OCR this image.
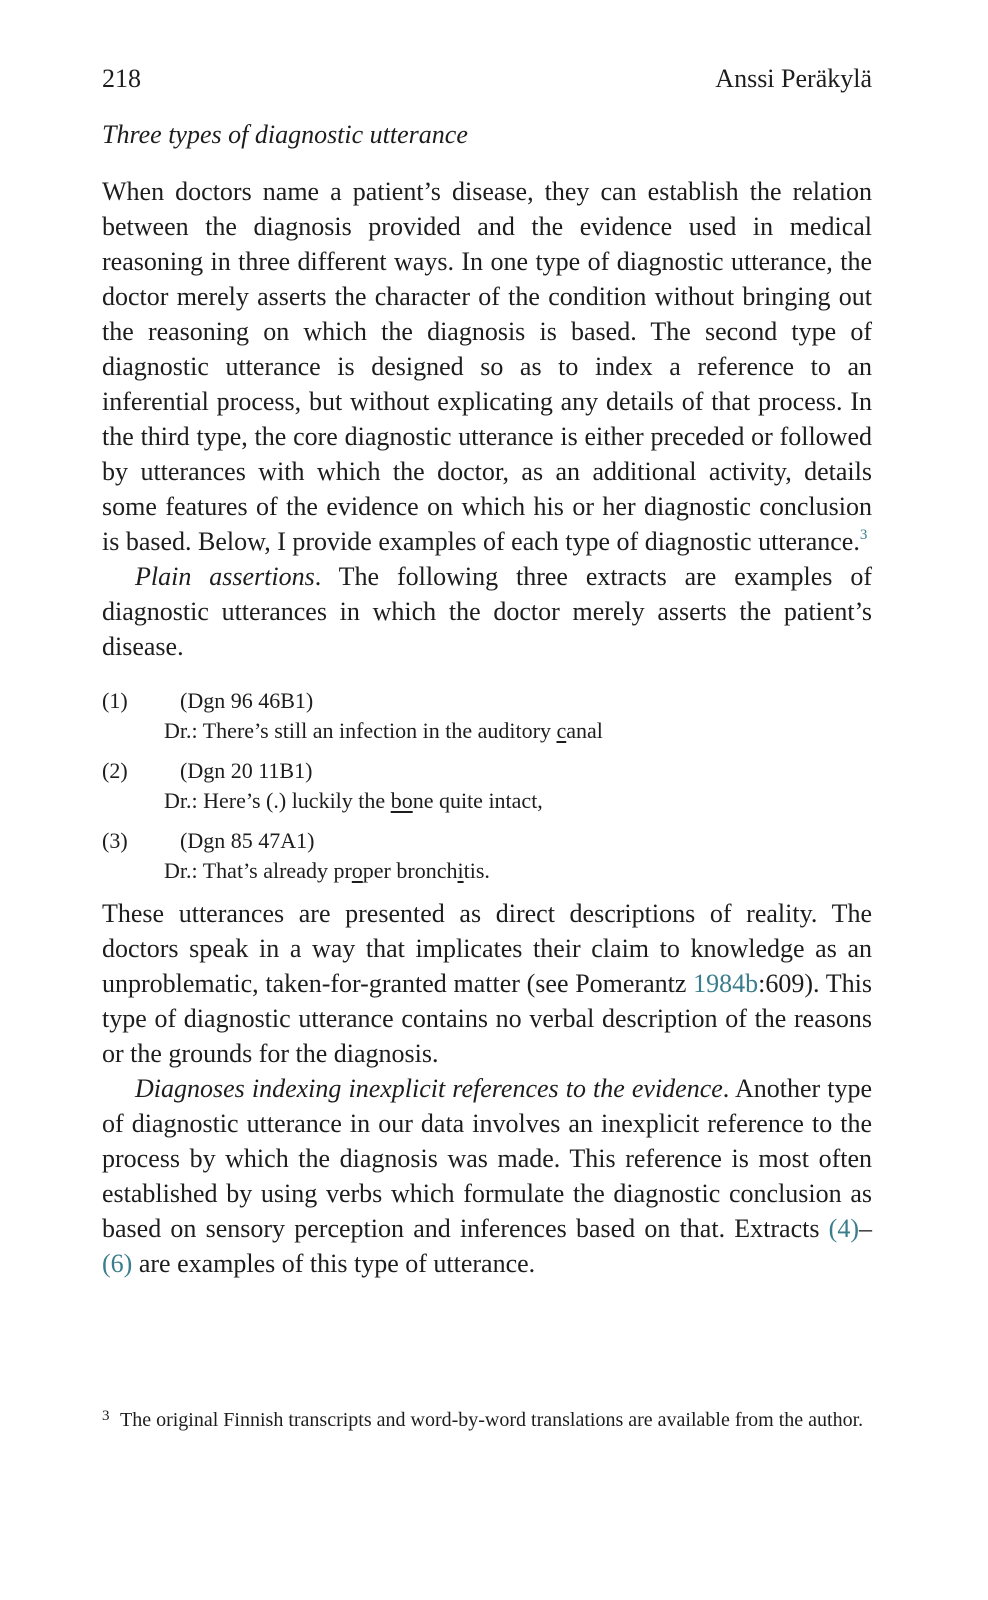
218	Anssi Peräkylä
Three types of diagnostic utterance

When doctors name a patient’s disease, they can establish the relation between the diagnosis provided and the evidence used in medical reasoning in three different ways. In one type of diagnostic utterance, the doctor merely asserts the character of the condition without bringing out the reasoning on which the diagnosis is based. The second type of diagnostic utterance is designed so as to index a reference to an inferential process, but without explicating any details of that process. In the third type, the core diagnostic utterance is either preceded or followed by utterances with which the doctor, as an additional activity, details some features of the evidence on which his or her diagnostic conclusion is based. Below, I provide examples of each type of diagnostic utterance.$^3$

Plain assertions. The following three extracts are examples of diagnostic utterances in which the doctor merely asserts the patient’s disease.

(1)	(Dgn 96 46B1)
Dr.: There’s still an infection in the auditory canal
(2)	(Dgn 20 11B1)
Dr.: Here’s (.) luckily the bone quite intact,
(3)	(Dgn 85 47A1)
Dr.: That’s already proper bronchitis.

These utterances are presented as direct descriptions of reality. The doctors speak in a way that implicates their claim to knowledge as an unproblematic, taken-for-granted matter (see Pomerantz 1984b:609). This type of diagnostic utterance contains no verbal description of the reasons or the grounds for the diagnosis.

Diagnoses indexing inexplicit references to the evidence. Another type of diagnostic utterance in our data involves an inexplicit reference to the process by which the diagnosis was made. This reference is most often established by using verbs which formulate the diagnostic conclusion as based on sensory perception and inferences based on that. Extracts (4)–(6) are examples of this type of utterance.

3 The original Finnish transcripts and word-by-word translations are available from the author.
